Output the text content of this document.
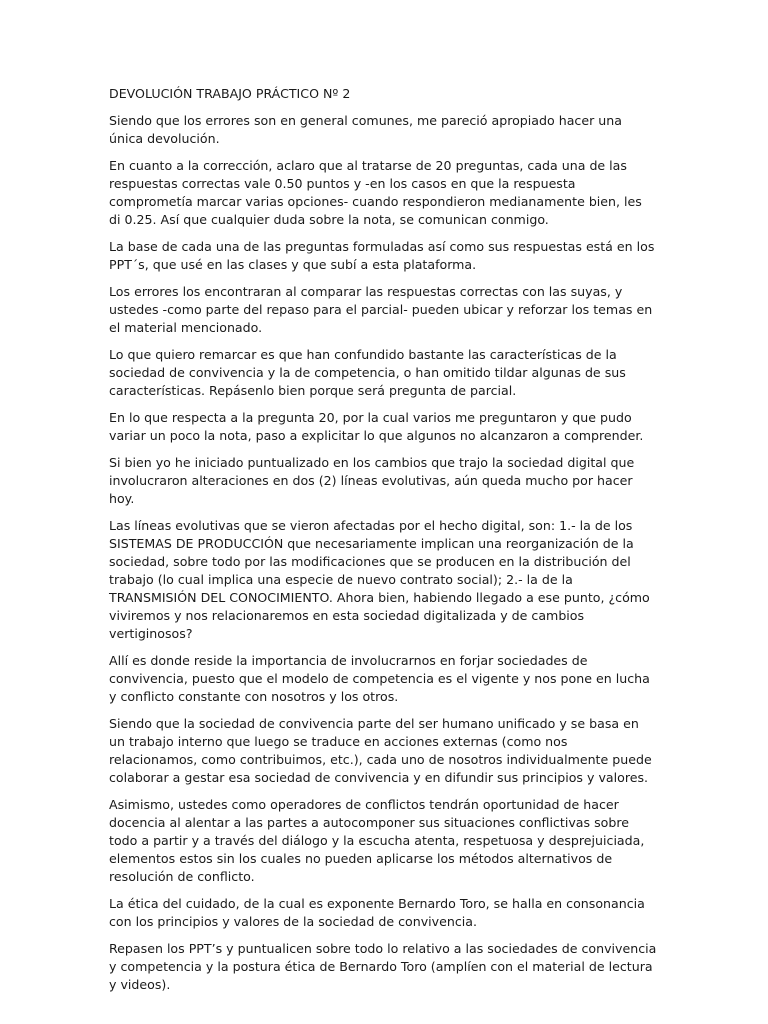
DEVOLUCIÓN TRABAJO PRÁCTICO Nº 2

Siendo que los errores son en general comunes, me pareció apropiado hacer una única devolución.

En cuanto a la corrección, aclaro que al tratarse de 20 preguntas, cada una de las respuestas correctas vale 0.50 puntos y -en los casos en que la respuesta comprometía marcar varias opciones- cuando respondieron medianamente bien, les di 0.25. Así que cualquier duda sobre la nota, se comunican conmigo.

La base de cada una de las preguntas formuladas así como sus respuestas está en los PPT´s, que usé en las clases y que subí a esta plataforma.

Los errores los encontraran al comparar las respuestas correctas con las suyas, y ustedes -como parte del repaso para el parcial- pueden ubicar y reforzar los temas en el material mencionado.

Lo que quiero remarcar es que han confundido bastante las características de la sociedad de convivencia y la de competencia, o han omitido tildar algunas de sus características. Repásenlo bien porque será pregunta de parcial.

En lo que respecta a la pregunta 20, por la cual varios me preguntaron y que pudo variar un poco la nota, paso a explicitar lo que algunos no alcanzaron a comprender.

Si bien yo he iniciado puntualizado en los cambios que trajo la sociedad digital que involucraron alteraciones en dos (2) líneas evolutivas, aún queda mucho por hacer hoy.

Las líneas evolutivas que se vieron afectadas por el hecho digital, son: 1.- la de los SISTEMAS DE PRODUCCIÓN que necesariamente implican una reorganización de la sociedad, sobre todo por las modificaciones que se producen en la distribución del trabajo (lo cual implica una especie de nuevo contrato social); 2.- la de la TRANSMISIÓN DEL CONOCIMIENTO. Ahora bien, habiendo llegado a ese punto, ¿cómo viviremos y nos relacionaremos en esta sociedad digitalizada y de cambios vertiginosos?

Allí es donde reside la importancia de involucrarnos en forjar sociedades de convivencia, puesto que el modelo de competencia es el vigente y nos pone en lucha y conflicto constante con nosotros y los otros.

Siendo que la sociedad de convivencia parte del ser humano unificado y se basa en un trabajo interno que luego se traduce en acciones externas (como nos relacionamos, como contribuimos, etc.), cada uno de nosotros individualmente puede colaborar a gestar esa sociedad de convivencia y en difundir sus principios y valores.

Asimismo, ustedes como operadores de conflictos tendrán oportunidad de hacer docencia al alentar a las partes a autocomponer sus situaciones conflictivas sobre todo a partir y a través del diálogo y la escucha atenta, respetuosa y desprejuiciada, elementos estos sin los cuales no pueden aplicarse los métodos alternativos de resolución de conflicto.

La ética del cuidado, de la cual es exponente Bernardo Toro, se halla en consonancia con los principios y valores de la sociedad de convivencia.

Repasen los PPT’s y puntualicen sobre todo lo relativo a las sociedades de convivencia y competencia y la postura ética de Bernardo Toro (amplíen con el material de lectura y videos).
